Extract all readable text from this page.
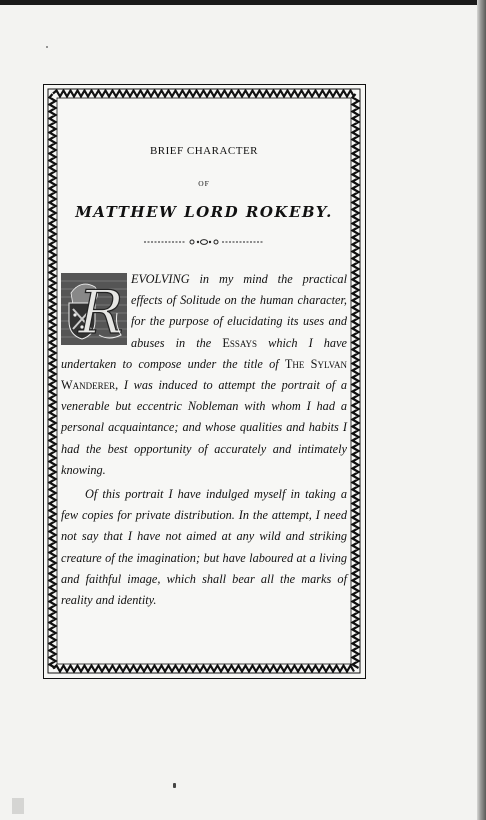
BRIEF CHARACTER
OF
MATTHEW LORD ROKEBY.
R EVOLVING in my mind the practical effects of Solitude on the human character, for the purpose of elucidating its uses and abuses in the Essays which I have undertaken to compose under the title of The Sylvan Wanderer, I was induced to attempt the portrait of a venerable but eccentric Nobleman with whom I had a personal acquaintance; and whose qualities and habits I had the best opportunity of accurately and intimately knowing.
Of this portrait I have indulged myself in taking a few copies for private distribution. In the attempt, I need not say that I have not aimed at any wild and striking creature of the imagination; but have laboured at a living and faithful image, which shall bear all the marks of reality and identity.
